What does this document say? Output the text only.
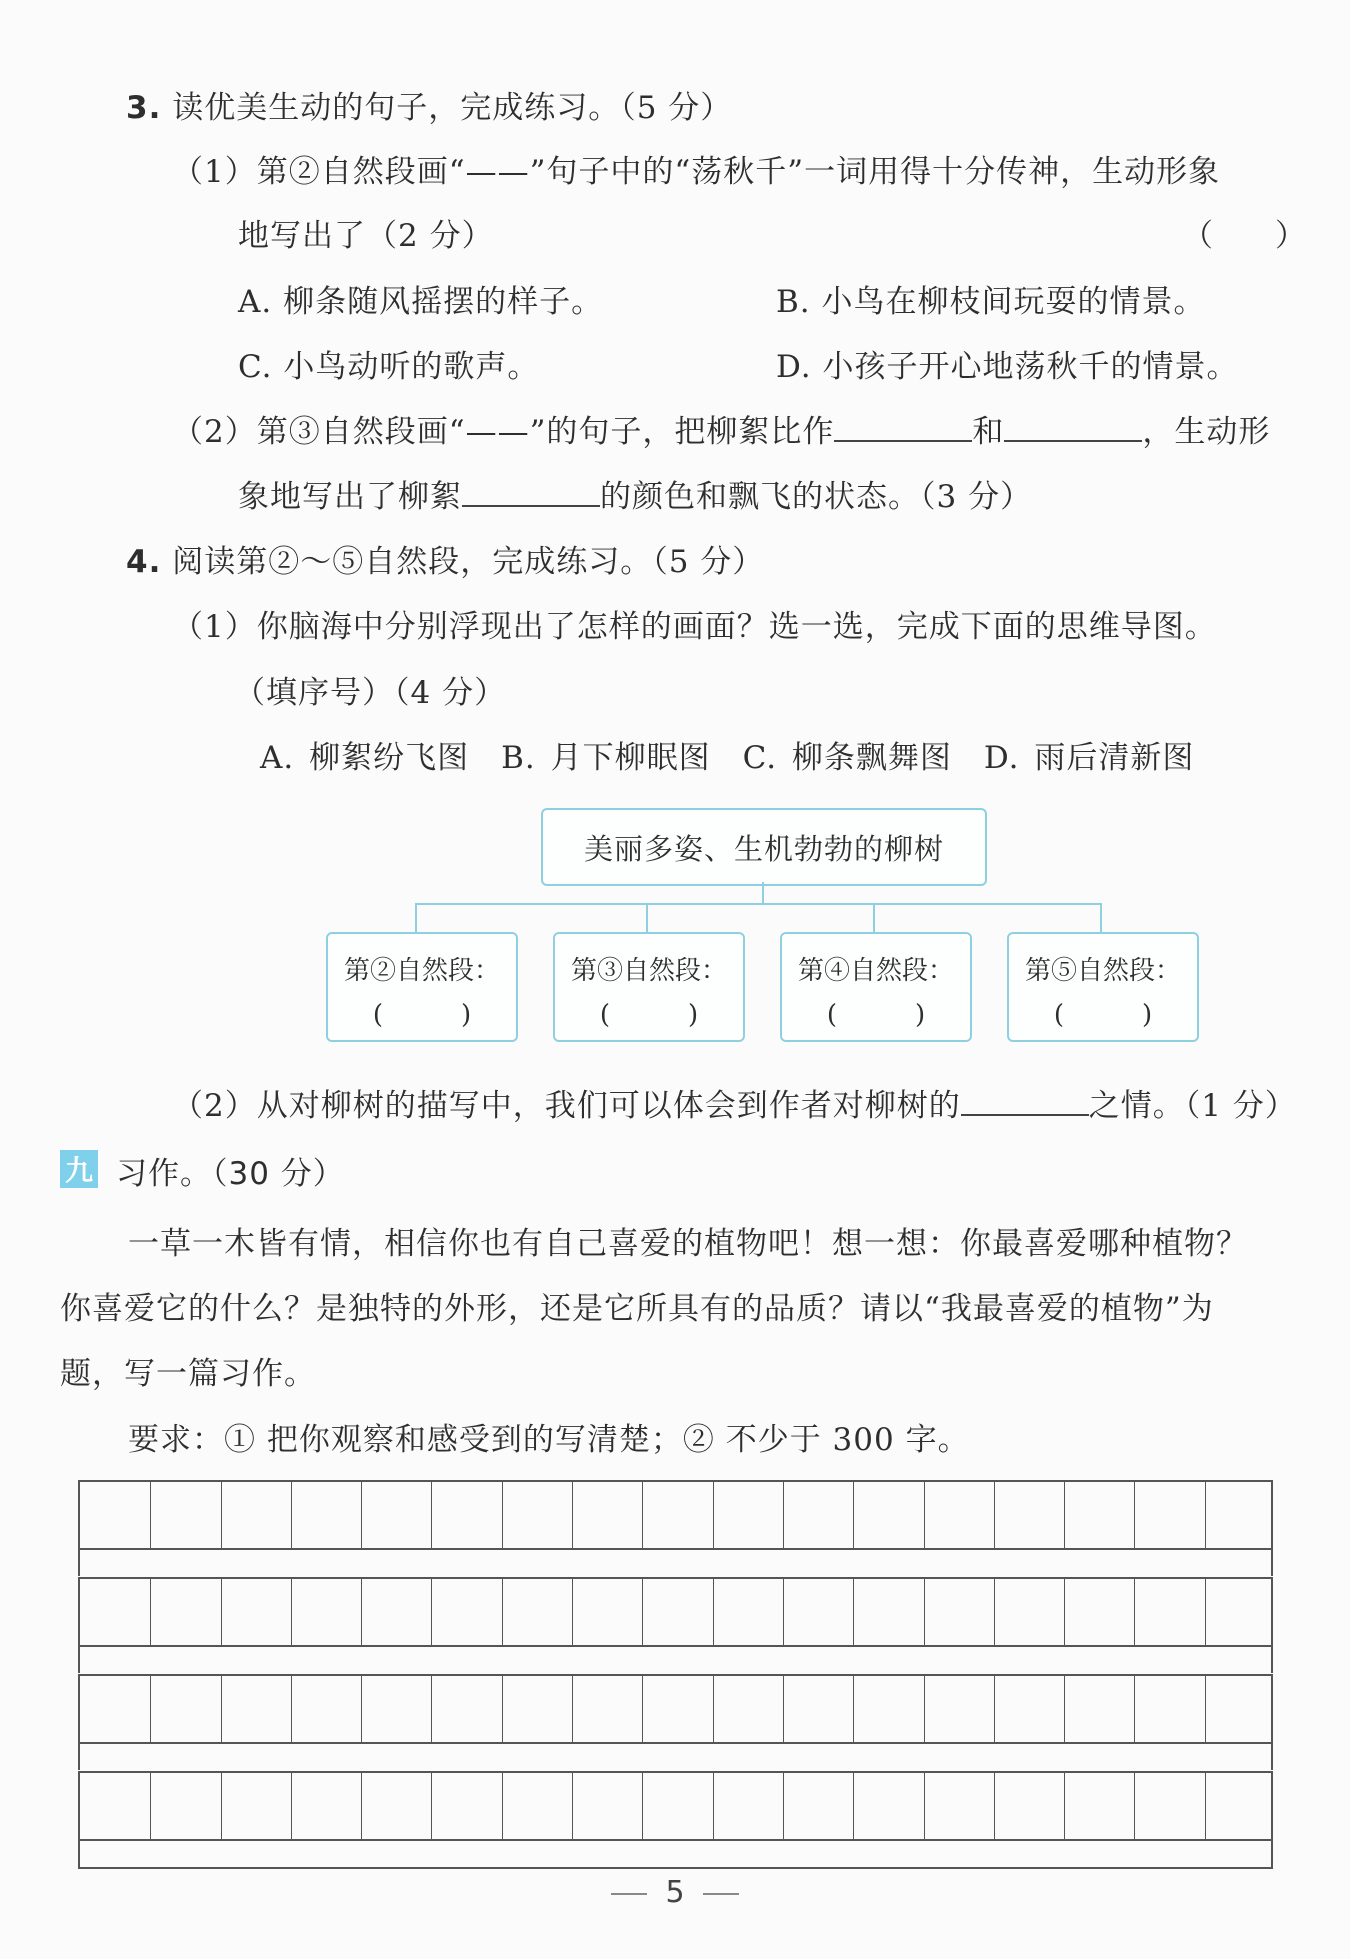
3. 读优美生动的句子，完成练习。（5 分）
（1）第②自然段画“——”句子中的“荡秋千”一词用得十分传神，生动形象
地写出了（2 分）	（　　）
A. 柳条随风摇摆的样子。	B. 小鸟在柳枝间玩耍的情景。
C. 小鸟动听的歌声。	D. 小孩子开心地荡秋千的情景。
（2）第③自然段画“——”的句子，把柳絮比作	和	，生动形
象地写出了柳絮	的颜色和飘飞的状态。（3 分）
4. 阅读第②～⑤自然段，完成练习。（5 分）
（1）你脑海中分别浮现出了怎样的画面？选一选，完成下面的思维导图。
（填序号）（4 分）
A. 柳絮纷飞图　B. 月下柳眠图　C. 柳条飘舞图　D. 雨后清新图
美丽多姿、生机勃勃的柳树
第②自然段：
(　　　)
第③自然段：
(　　　)
第④自然段：
(　　　)
第⑤自然段：
(　　　)
（2）从对柳树的描写中，我们可以体会到作者对柳树的	之情。（1 分）
九 习作。（30 分）
一草一木皆有情，相信你也有自己喜爱的植物吧！想一想：你最喜爱哪种植物？
你喜爱它的什么？是独特的外形，还是它所具有的品质？请以“我最喜爱的植物”为
题，写一篇习作。
要求：① 把你观察和感受到的写清楚；② 不少于 300 字。
5
